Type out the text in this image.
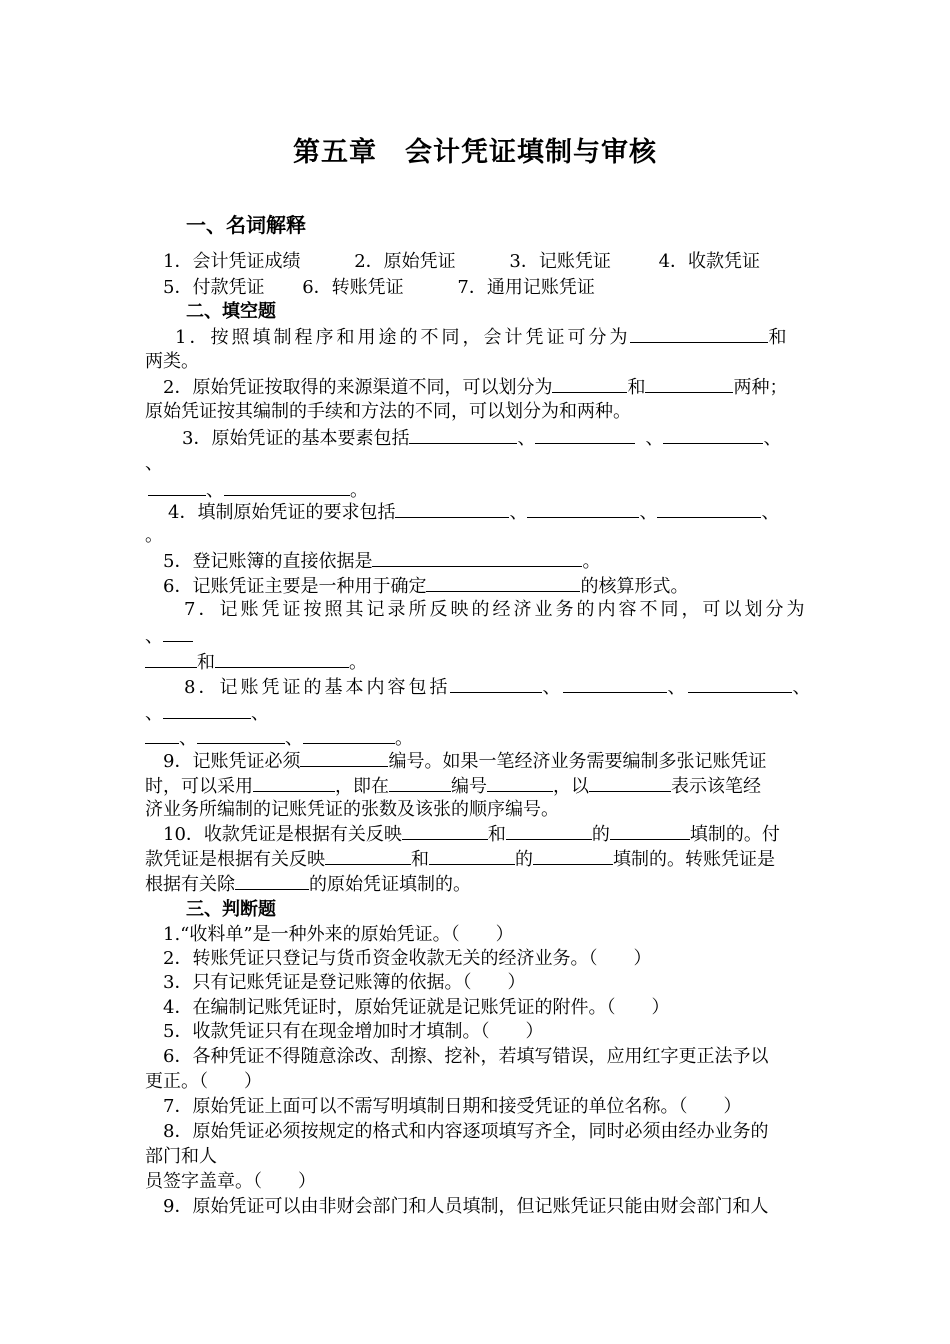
第五章　会计凭证填制与审核
一、名词解释
1．会计凭证成绩	2．原始凭证	3．记账凭证	4．收款凭证
5．付款凭证 6．转账凭证	7．通用记账凭证
二、填空题
1．按照填制程序和用途的不同，会计凭证可分为	和
两类。
2．原始凭证按取得的来源渠道不同，可以划分为	和	两种；
原始凭证按其编制的手续和方法的不同，可以划分为和两种。
3．原始凭证的基本要素包括	、	、	、
、
、	。
4．填制原始凭证的要求包括	、	、	、
。
5．登记账簿的直接依据是	。
6．记账凭证主要是一种用于确定	的核算形式。
7．记账凭证按照其记录所反映的经济业务的内容不同，可以划分为
、
和	。
8．记账凭证的基本内容包括	、	、	、
、	、
、	、	。
9．记账凭证必须	编号。如果一笔经济业务需要编制多张记账凭证
时，可以采用	，即在	编号	，以	表示该笔经
济业务所编制的记账凭证的张数及该张的顺序编号。
10．收款凭证是根据有关反映	和	的	填制的。付
款凭证是根据有关反映	和	的	填制的。转账凭证是
根据有关除	的原始凭证填制的。
三、判断题
1.“收料单”是一种外来的原始凭证。（　　）
2．转账凭证只登记与货币资金收款无关的经济业务。（　　）
3．只有记账凭证是登记账簿的依据。（　　）
4．在编制记账凭证时，原始凭证就是记账凭证的附件。（　　）
5．收款凭证只有在现金增加时才填制。（　　）
6．各种凭证不得随意涂改、刮擦、挖补，若填写错误，应用红字更正法予以
更正。（　　）
7．原始凭证上面可以不需写明填制日期和接受凭证的单位名称。（　　）
8．原始凭证必须按规定的格式和内容逐项填写齐全，同时必须由经办业务的
部门和人
员签字盖章。（　　）
9．原始凭证可以由非财会部门和人员填制，但记账凭证只能由财会部门和人
